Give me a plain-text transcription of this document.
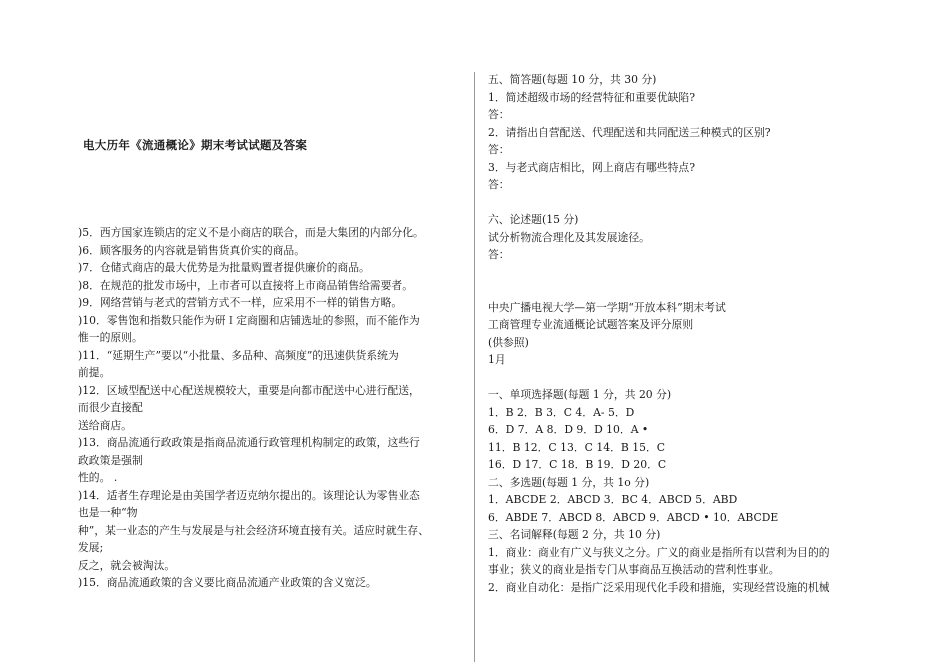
电大历年《流通概论》期末考试试题及答案
)5．西方国家连锁店的定义不是小商店的联合，而是大集团的内部分化。
)6．顾客服务的内容就是销售货真价实的商品。
)7．仓储式商店的最大优势是为批量购置者提供廉价的商品。
)8．在规范的批发市场中，上市者可以直接将上市商品销售给需要者。
)9．网络营销与老式的营销方式不一样，应采用不一样的销售方略。
)10．零售饱和指数只能作为研Ｉ定商圈和店铺选址的参照，而不能作为
惟一的原则。
)11．“延期生产”要以“小批量、多品种、高频度”的迅速供货系统为
前提。
)12．区域型配送中心配送规模较大，重要是向都市配送中心进行配送，
而很少直接配
送给商店。
)13．商品流通行政政策是指商品流通行政管理机构制定的政策，这些行
政政策是强制
性的。 .
)14．适者生存理论是由美国学者迈克纳尔提出的。该理论认为零售业态
也是一种“物
种”，某一业态的产生与发展是与社会经济环境直接有关。适应时就生存、
发展;
反之，就会被淘汰。
)15．商品流通政策的含义要比商品流通产业政策的含义宽泛。
五、简答题(每题 10 分，共 30 分)
1．简述超级市场的经营特征和重要优缺陷?
答：
2．请指出自营配送、代理配送和共同配送三种模式的区别?
答：
3．与老式商店相比，网上商店有哪些特点?
答：
六、论述题(15 分)
试分析物流合理化及其发展途径。
答：
中央广播电视大学—第一学期“开放本科”期末考试
工商管理专业流通概论试题答案及评分原则
(供参照)
1月
一、单项选择题(每题 1 分，共 20 分)
1．B 2．B 3．C 4．A- 5．D
6．D 7．A 8．D 9．D 10．A •
11．B 12．C 13．C 14．B 15．C
16．D 17．C 18．B 19．D 20．C
二、多选题(每题 1 分，共 1o 分)
1．ABCDE 2．ABCD 3．BC 4．ABCD 5．ABD
6．ABDE 7．ABCD 8．ABCD 9．ABCD • 10．ABCDE
三、名词解释(每题 2 分，共 10 分)
1．商业：商业有广义与狭义之分。广义的商业是指所有以营利为目的的
事业；狭义的商业是指专门从事商品互换活动的营利性事业。
2．商业自动化：是指广泛采用现代化手段和措施，实现经营设施的机械
